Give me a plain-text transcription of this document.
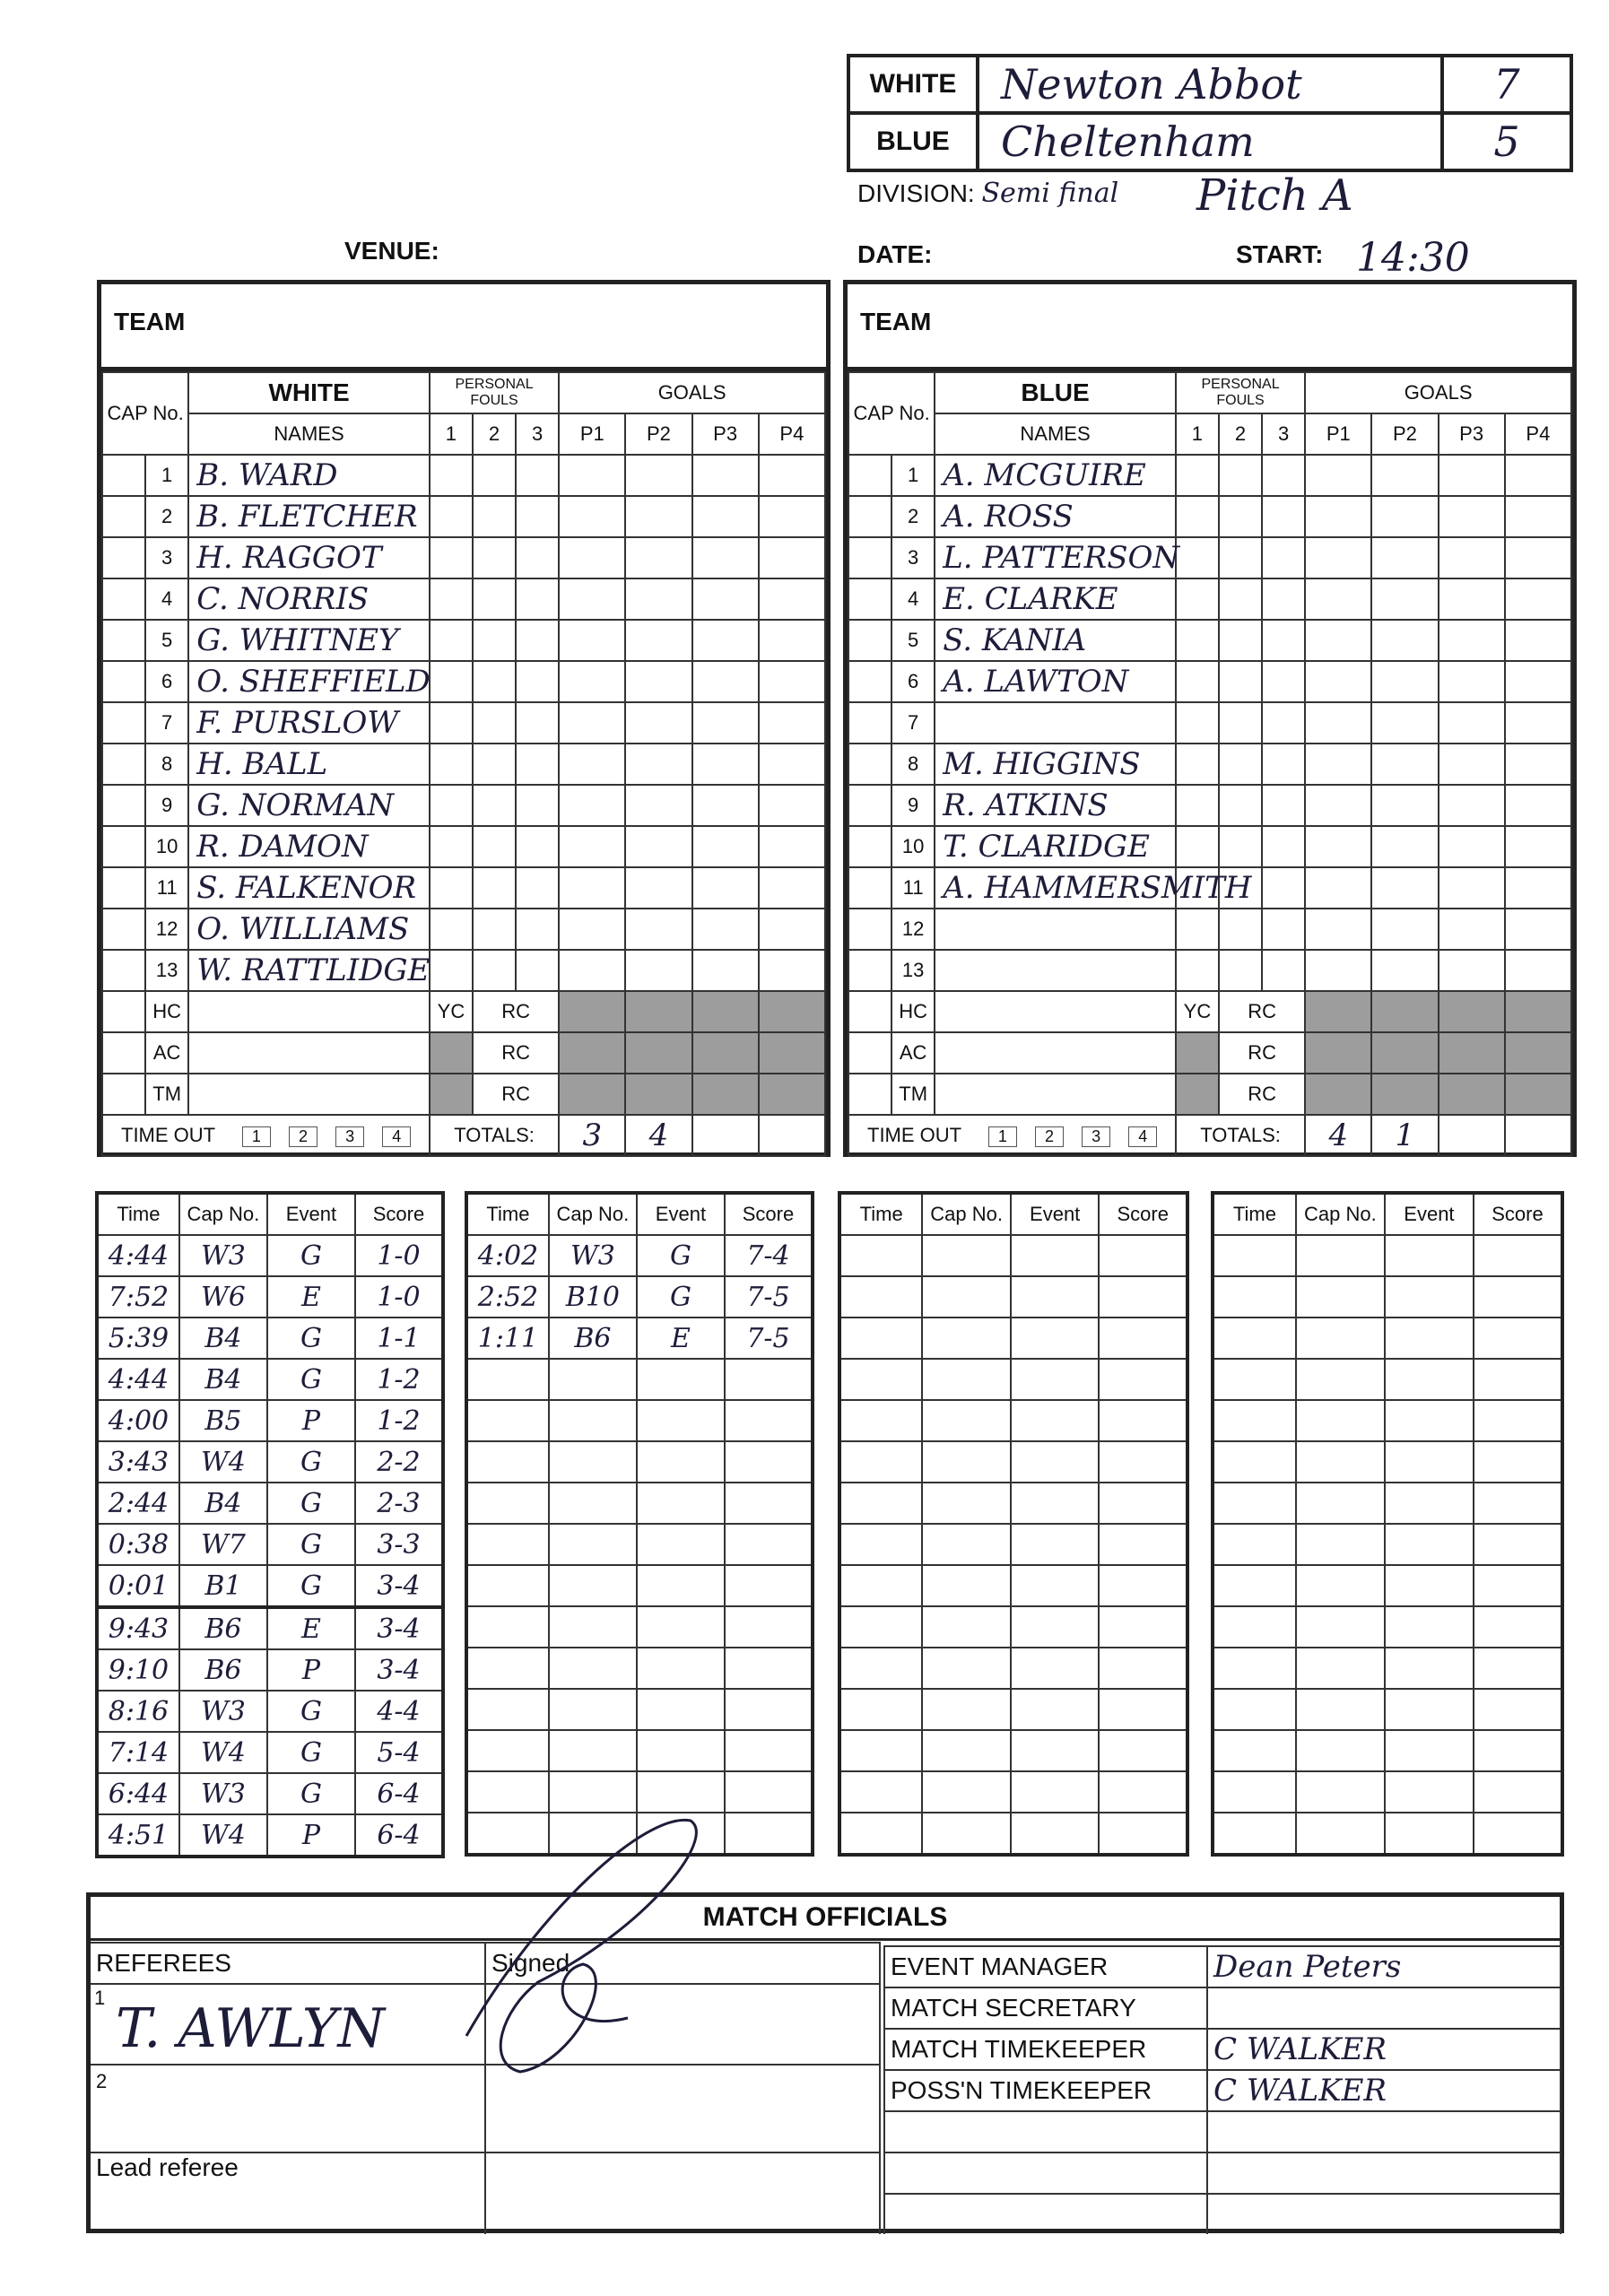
WHITE	Newton Abbot	7
BLUE	Cheltenham	5
DIVISION: Semi final Pitch A
VENUE:	DATE:	START: 14:30
TEAM
CAP No.		WHITE	PERSONAL FOULS			GOALS			
		NAMES	1	2	3	P1	P2	P3	P4
	1	B. WARD							
	2	B. FLETCHER							
	3	H. RAGGOT							
	4	C. NORRIS							
	5	G. WHITNEY							
	6	O. SHEFFIELD							
	7	F. PURSLOW							
	8	H. BALL							
	9	G. NORMAN							
	10	R. DAMON							
	11	S. FALKENOR							
	12	O. WILLIAMS							
	13	W. RATTLIDGE							
	HC		YC	RC					
	AC			RC					
	TM			RC					
TIME OUT 1 2 3 4			TOTALS:			3	4		
TEAM
CAP No.		BLUE	PERSONAL FOULS			GOALS			
		NAMES	1	2	3	P1	P2	P3	P4
	1	A. MCGUIRE							
	2	A. ROSS							
	3	L. PATTERSON							
	4	E. CLARKE							
	5	S. KANIA							
	6	A. LAWTON							
	7								
	8	M. HIGGINS							
	9	R. ATKINS							
	10	T. CLARIDGE							
	11	A. HAMMERSMITH							
	12								
	13								
	HC		YC	RC					
	AC			RC					
	TM			RC					
TIME OUT 1 2 3 4			TOTALS:			4	1		
Time	Cap No.	Event	Score
4:44	W3	G	1-0
7:52	W6	E	1-0
5:39	B4	G	1-1
4:44	B4	G	1-2
4:00	B5	P	1-2
3:43	W4	G	2-2
2:44	B4	G	2-3
0:38	W7	G	3-3
0:01	B1	G	3-4
9:43	B6	E	3-4
9:10	B6	P	3-4
8:16	W3	G	4-4
7:14	W4	G	5-4
6:44	W3	G	6-4
4:51	W4	P	6-4
Time	Cap No.	Event	Score
4:02	W3	G	7-4
2:52	B10	G	7-5
1:11	B6	E	7-5

Time	Cap No.	Event	Score

				Time	Cap No.	Event	Score

MATCH OFFICIALS
REFEREES	Signed

1 T. AWLYN	

2	
Lead referee	
EVENT MANAGER	Dean Peters
MATCH SECRETARY	
MATCH TIMEKEEPER	C WALKER
POSS'N TIMEKEEPER	C WALKER
